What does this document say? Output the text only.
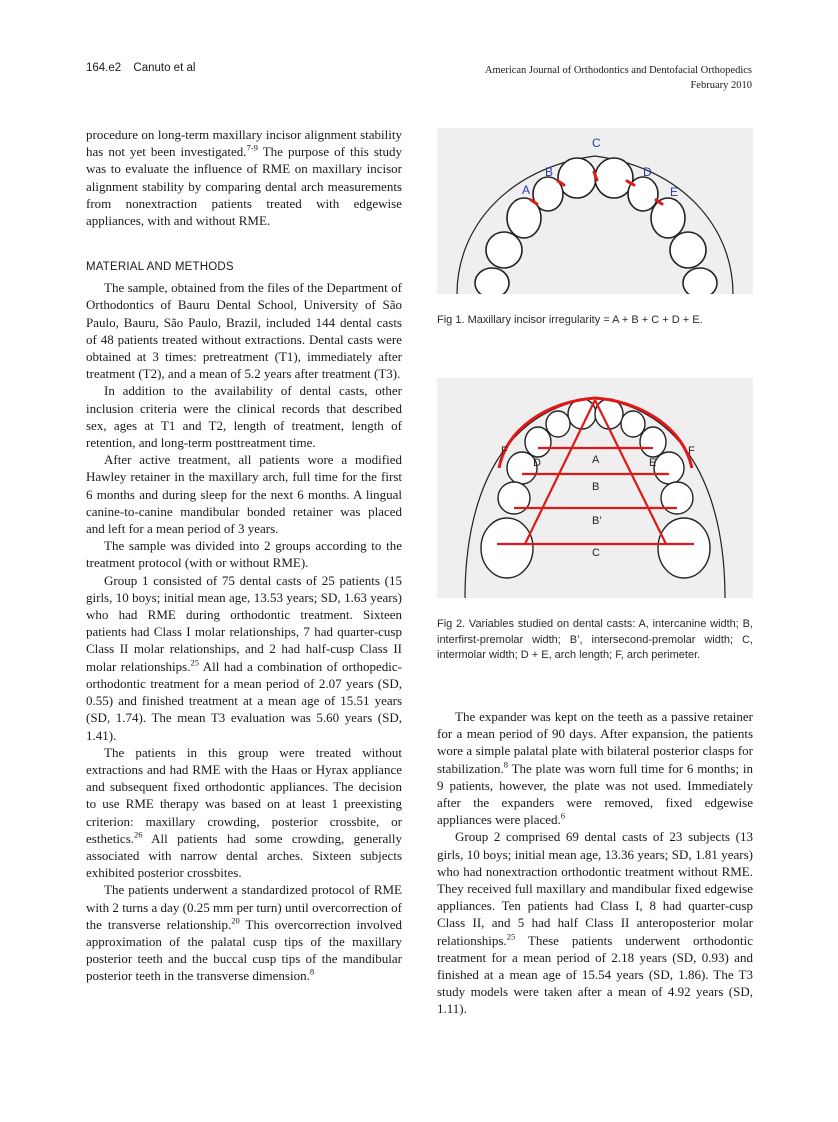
164.e2 Canuto et al	American Journal of Orthodontics and Dentofacial Orthopedics
February 2010

procedure on long-term maxillary incisor alignment stability has not yet been investigated.$^{7-9}$ The purpose of this study was to evaluate the influence of RME on maxillary incisor alignment stability by comparing dental arch measurements from nonextraction patients treated with edgewise appliances, with and without RME.

MATERIAL AND METHODS

The sample, obtained from the files of the Department of Orthodontics of Bauru Dental School, University of São Paulo, Bauru, São Paulo, Brazil, included 144 dental casts of 48 patients treated without extractions. Dental casts were obtained at 3 times: pretreatment (T1), immediately after treatment (T2), and a mean of 5.2 years after treatment (T3).

In addition to the availability of dental casts, other inclusion criteria were the clinical records that described sex, ages at T1 and T2, length of treatment, length of retention, and long-term posttreatment time.

After active treatment, all patients wore a modified Hawley retainer in the maxillary arch, full time for the first 6 months and during sleep for the next 6 months. A lingual canine-to-canine mandibular bonded retainer was placed and left for a mean period of 3 years.

The sample was divided into 2 groups according to the treatment protocol (with or without RME).

Group 1 consisted of 75 dental casts of 25 patients (15 girls, 10 boys; initial mean age, 13.53 years; SD, 1.63 years) who had RME during orthodontic treatment. Sixteen patients had Class I molar relationships, 7 had quarter-cusp Class II molar relationships, and 2 had half-cusp Class II molar relationships.$^{25}$ All had a combination of orthopedic-orthodontic treatment for a mean period of 2.07 years (SD, 0.55) and finished treatment at a mean age of 15.51 years (SD, 1.74). The mean T3 evaluation was 5.60 years (SD, 1.41).

The patients in this group were treated without extractions and had RME with the Haas or Hyrax appliance and subsequent fixed orthodontic appliances. The decision to use RME therapy was based on at least 1 preexisting criterion: maxillary crowding, posterior crossbite, or esthetics.$^{26}$ All patients had some crowding, generally associated with narrow dental arches. Sixteen subjects exhibited posterior crossbites.

The patients underwent a standardized protocol of RME with 2 turns a day (0.25 mm per turn) until overcorrection of the transverse relationship.$^{20}$ This overcorrection involved approximation of the palatal cusp tips of the maxillary posterior teeth and the buccal cusp tips of the mandibular posterior teeth in the transverse dimension.$^8$

A
B
C
D
E
Fig 1. Maxillary incisor irregularity = A + B + C + D + E.
F	F
D	E
A
B
B’
C
Fig 2. Variables studied on dental casts: A, intercanine width; B, interfirst-premolar width; B’, intersecond-premolar width; C, intermolar width; D + E, arch length; F, arch perimeter.

The expander was kept on the teeth as a passive retainer for a mean period of 90 days. After expansion, the patients wore a simple palatal plate with bilateral posterior clasps for stabilization.$^8$ The plate was worn full time for 6 months; in 9 patients, however, the plate was not used. Immediately after the expanders were removed, fixed edgewise appliances were placed.$^6$

Group 2 comprised 69 dental casts of 23 subjects (13 girls, 10 boys; initial mean age, 13.36 years; SD, 1.81 years) who had nonextraction orthodontic treatment without RME. They received full maxillary and mandibular fixed edgewise appliances. Ten patients had Class I, 8 had quarter-cusp Class II, and 5 had half Class II anteroposterior molar relationships.$^{25}$ These patients underwent orthodontic treatment for a mean period of 2.18 years (SD, 0.93) and finished at a mean age of 15.54 years (SD, 1.86). The T3 study models were taken after a mean of 4.92 years (SD, 1.11).
